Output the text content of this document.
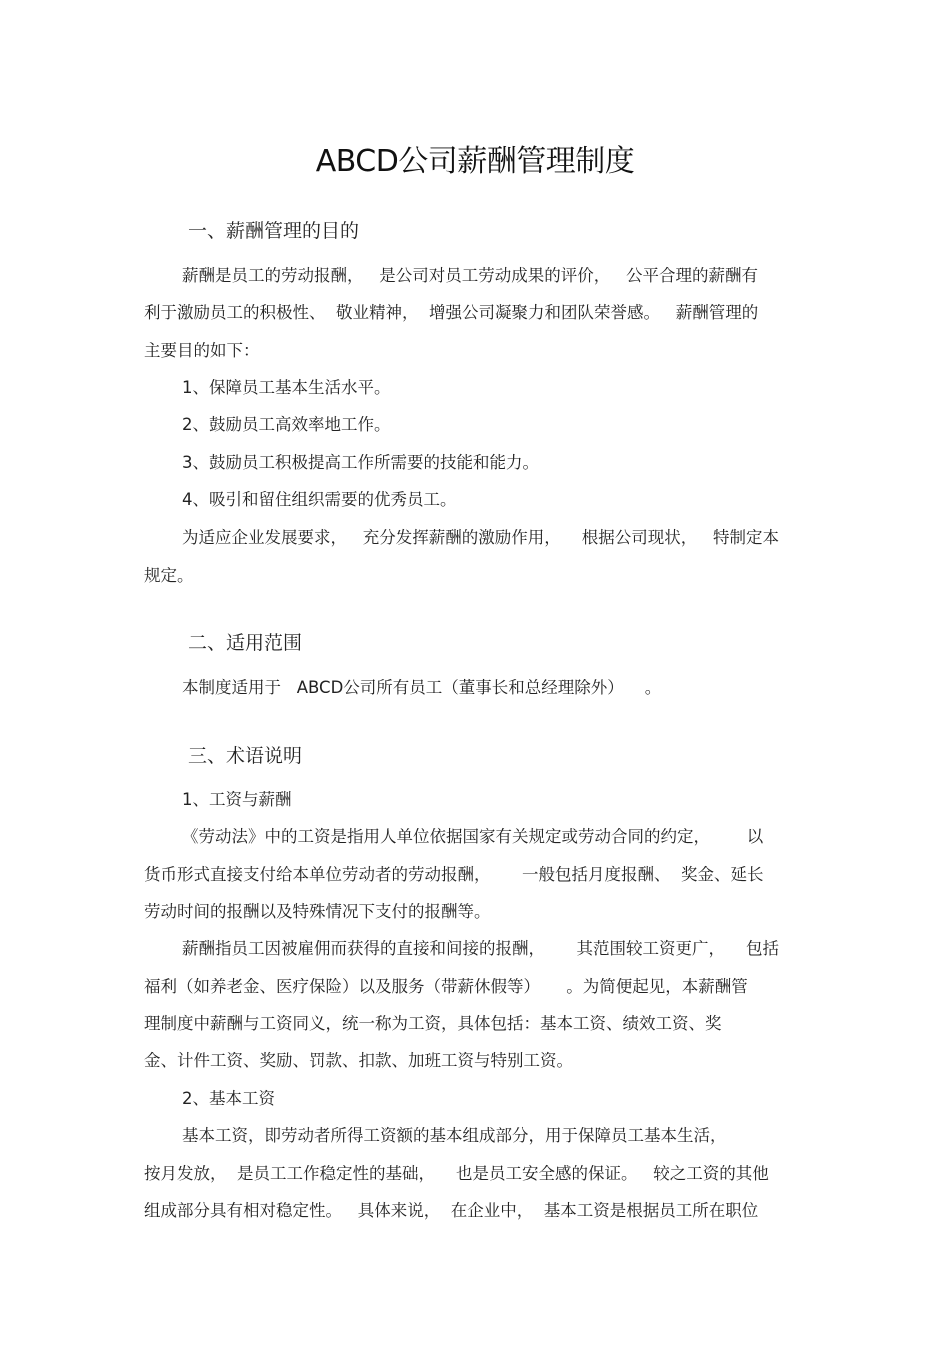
ABCD公司薪酬管理制度
一、薪酬管理的目的
薪酬是员工的劳动报酬，   是公司对员工劳动成果的评价，   公平合理的薪酬有
利于激励员工的积极性、  敬业精神，  增强公司凝聚力和团队荣誉感。   薪酬管理的
主要目的如下：
1、保障员工基本生活水平。
2、鼓励员工高效率地工作。
3、鼓励员工积极提高工作所需要的技能和能力。
4、吸引和留住组织需要的优秀员工。
为适应企业发展要求，   充分发挥薪酬的激励作用，    根据公司现状，   特制定本
规定。
二、适用范围
本制度适用于   ABCD公司所有员工（董事长和总经理除外）    。
三、术语说明
1、工资与薪酬
《劳动法》中的工资是指用人单位依据国家有关规定或劳动合同的约定，       以
货币形式直接支付给本单位劳动者的劳动报酬，      一般包括月度报酬、  奖金、延长
劳动时间的报酬以及特殊情况下支付的报酬等。
薪酬指员工因被雇佣而获得的直接和间接的报酬，      其范围较工资更广，    包括
福利（如养老金、医疗保险）以及服务（带薪休假等）     。为简便起见，本薪酬管
理制度中薪酬与工资同义，统一称为工资，具体包括：基本工资、绩效工资、奖
金、计件工资、奖励、罚款、扣款、加班工资与特别工资。
2、基本工资
基本工资，即劳动者所得工资额的基本组成部分，用于保障员工基本生活，
按月发放，  是员工工作稳定性的基础，    也是员工安全感的保证。   较之工资的其他
组成部分具有相对稳定性。   具体来说，  在企业中，  基本工资是根据员工所在职位
